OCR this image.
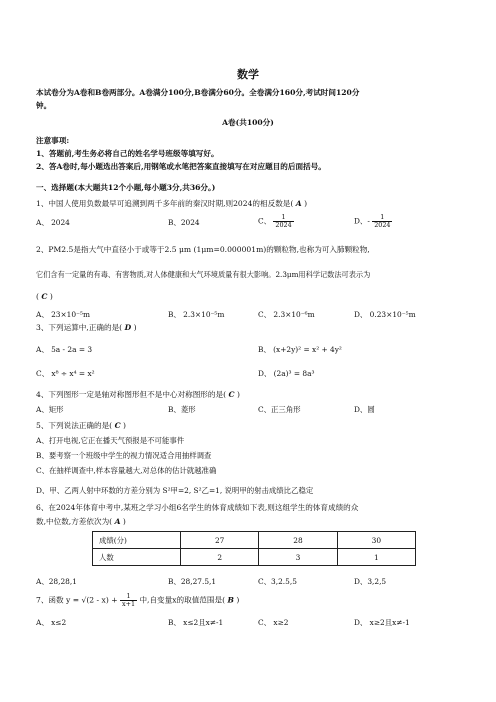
数学
本试卷分为A卷和B卷两部分。A卷满分100分,B卷满分60分。全卷满分160分,考试时间120分
钟。
A卷(共100分)
注意事项:
1、答题前,考生务必将自己的姓名学号班级等填写好。
2、答A卷时,每小题选出答案后,用钢笔或水笔把答案直接填写在对应题目的后面括号。
一、选择题(本大题共12个小题,每小题3分,共36分。)
1、中国人使用负数最早可追溯到两千多年前的秦汉时期,则2024的相反数是( A )
A、 2024	B、2024	C、 $\frac{1}{2024}$	D、- $\frac{1}{2024}$
2、PM2.5是指大气中直径小于或等于2.5 μm (1μm=0.000001m)的颗粒物,也称为可入肺颗粒物,
它们含有一定量的有毒、有害物质,对人体健康和大气环境质量有很大影响。2.3μm用科学记数法可表示为
( C )
A、 23×10⁻⁵m	B、 2.3×10⁻⁵m	C、 2.3×10⁻⁶m	D、 0.23×10⁻⁵m
3、下列运算中,正确的是( D )
A、 5a - 2a = 3	B、 (x+2y)² = x² + 4y²
C、 x⁸ ÷ x⁴ = x²	D、 (2a)³ = 8a³
4、下列图形一定是轴对称图形但不是中心对称图形的是( C )
A、矩形	B、菱形	C、正三角形	D、圆
5、下列说法正确的是( C )
A、打开电视,它正在播天气预报是不可能事件
B、要考察一个班级中学生的视力情况适合用抽样调查
C、在抽样调查中,样本容量越大,对总体的估计就越准确
D、甲、乙两人射中环数的方差分别为 S²甲=2, S²乙=1, 说明甲的射击成绩比乙稳定
6、在2024年体育中考中,某班之学习小组6名学生的体育成绩如下表,则这组学生的体育成绩的众
数,中位数,方差依次为( A )
成绩(分)	27	28	30
人数	2	3	1
A、28,28,1	B、28,27.5,1	C、3,2.5,5	D、3,2,5
7、函数 $y = √(2 - x) + \frac{1}{x+1}$ 中,自变量x的取值范围是( B )
A、 x≤2	B、 x≤2且x≠-1	C、 x≥2	D、 x≥2且x≠-1
